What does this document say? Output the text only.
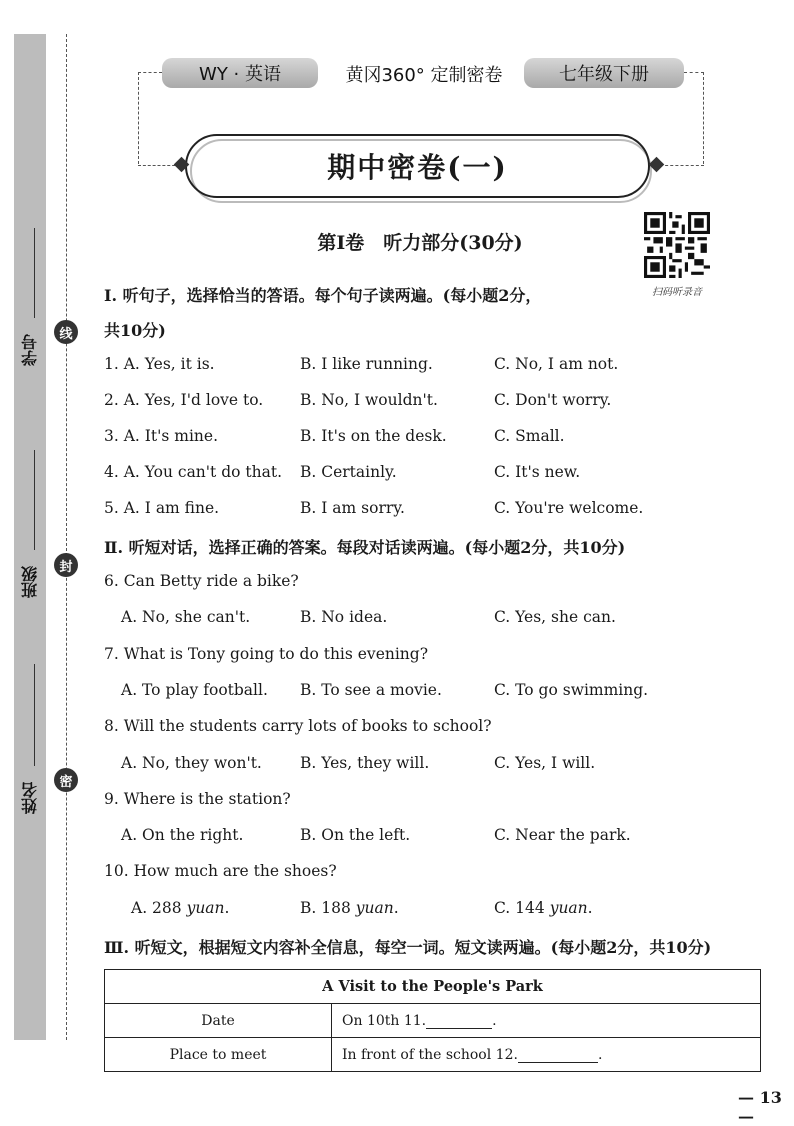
学号
班级
姓名
线
封
密
WY · 英语	黄冈360° 定制密卷	七年级下册
期中密卷(一)
第Ⅰ卷　听力部分(30分)
扫码听录音
Ⅰ. 听句子，选择恰当的答语。每个句子读两遍。(每小题2分，
共10分)
1. A. Yes, it is.	B. I like running.	C. No, I am not.
2. A. Yes, I'd love to. B. No, I wouldn't.	C. Don't worry.
3. A. It's mine.	B. It's on the desk.	C. Small.
4. A. You can't do that. B. Certainly.	C. It's new.
5. A. I am fine.	B. I am sorry.	C. You're welcome.
Ⅱ. 听短对话，选择正确的答案。每段对话读两遍。(每小题2分，共10分)
6. Can Betty ride a bike?
A. No, she can't.	B. No idea.	C. Yes, she can.
7. What is Tony going to do this evening?
A. To play football. B. To see a movie.	C. To go swimming.
8. Will the students carry lots of books to school?
A. No, they won't. B. Yes, they will.	C. Yes, I will.
9. Where is the station?
A. On the right.	B. On the left.	C. Near the park.
10. How much are the shoes?
A. 288 yuan.	B. 188 yuan.	C. 144 yuan.
Ⅲ. 听短文，根据短文内容补全信息，每空一词。短文读两遍。(每小题2分，共10分)
A Visit to the People's Park	
Date	On 10th 11. .
Place to meet	In front of the school 12. .
— 13 —
